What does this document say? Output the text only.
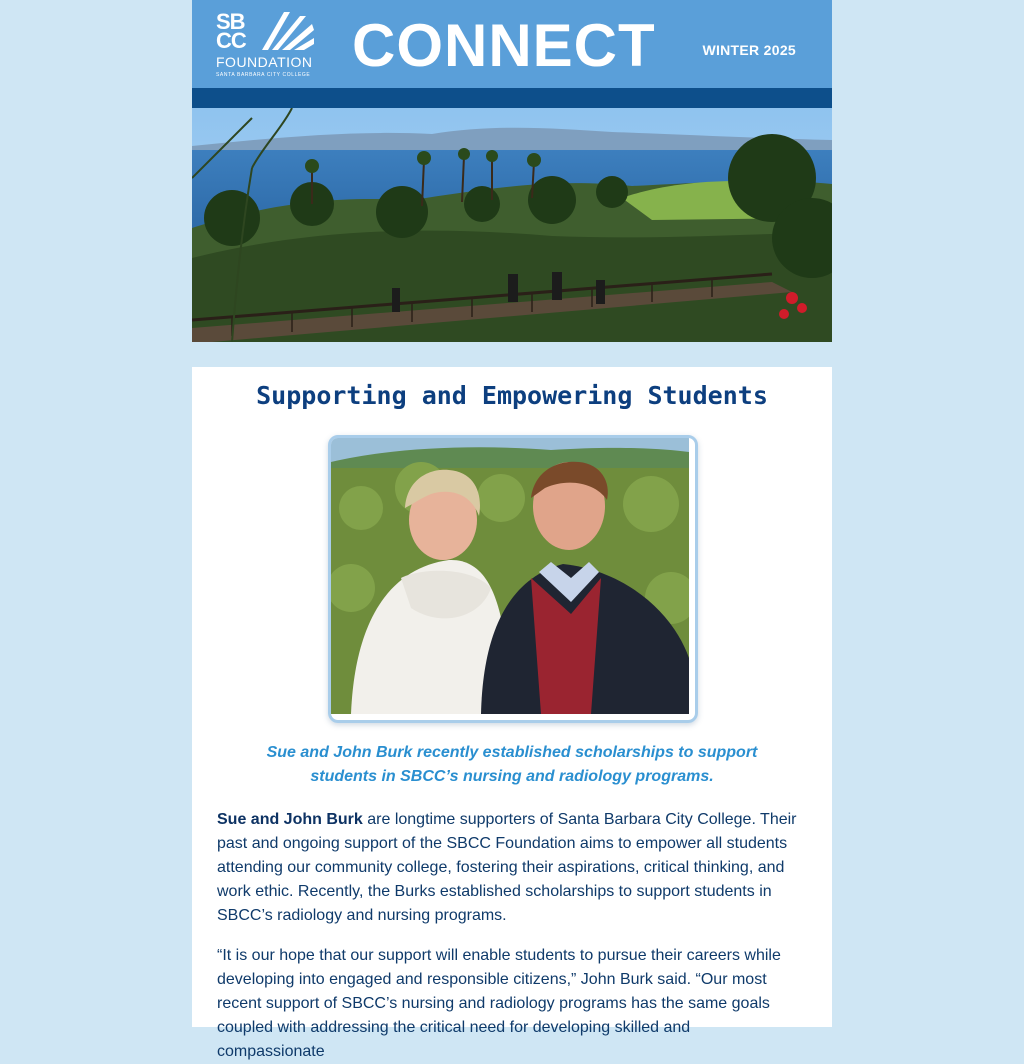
SB
CC
FOUNDATION
SANTA BARBARA CITY COLLEGE CONNECT	WINTER 2025
Supporting and Empowering Students
Sue and John Burk recently established scholarships to support students in SBCC’s nursing and radiology programs.
Sue and John Burk are longtime supporters of Santa Barbara City College. Their past and ongoing support of the SBCC Foundation aims to empower all students attending our community college, fostering their aspirations, critical thinking, and work ethic. Recently, the Burks established scholarships to support students in SBCC’s radiology and nursing programs.
“It is our hope that our support will enable students to pursue their careers while developing into engaged and responsible citizens,” John Burk said. “Our most recent support of SBCC’s nursing and radiology programs has the same goals coupled with addressing the critical need for developing skilled and compassionate
